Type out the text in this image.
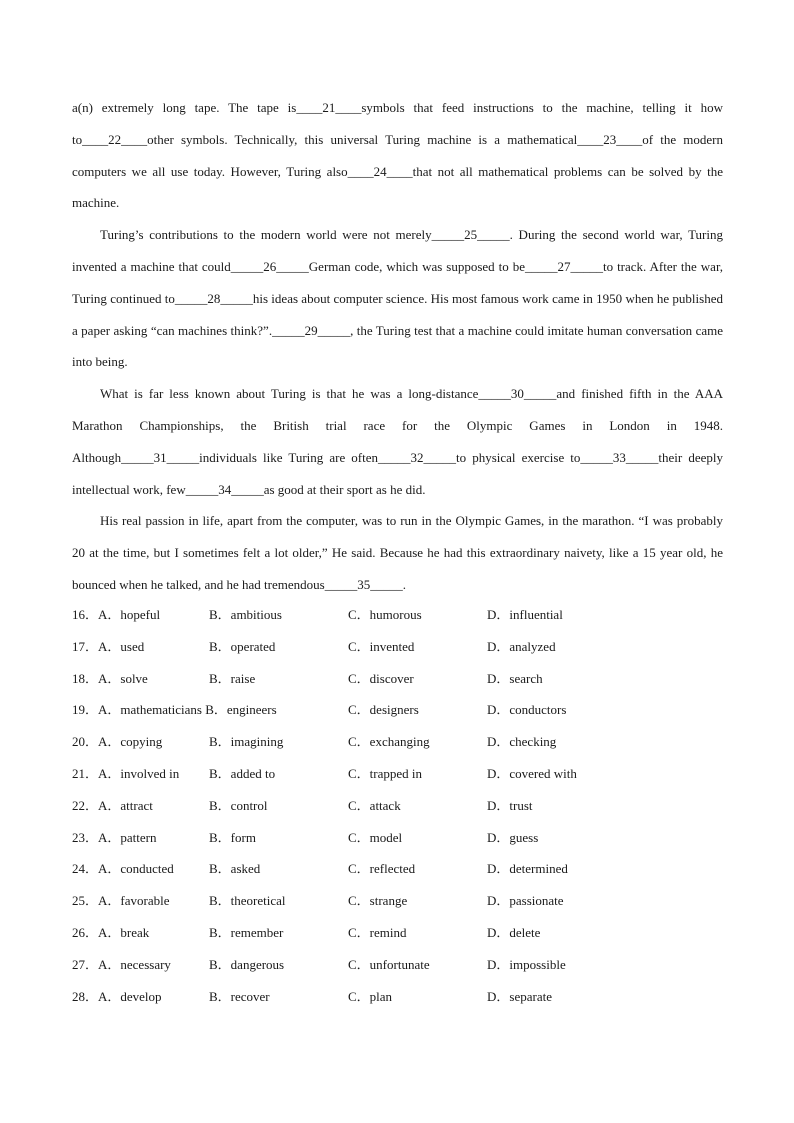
a(n) extremely long tape. The tape is____21____symbols that feed instructions to the machine, telling it how to____22____other symbols. Technically, this universal Turing machine is a mathematical____23____of the modern computers we all use today. However, Turing also____24____that not all mathematical problems can be solved by the machine.

Turing’s contributions to the modern world were not merely_____25_____. During the second world war, Turing invented a machine that could_____26_____German code, which was supposed to be_____27_____to track. After the war, Turing continued to_____28_____his ideas about computer science. His most famous work came in 1950 when he published a paper asking “can machines think?”._____29_____, the Turing test that a machine could imitate human conversation came into being.

What is far less known about Turing is that he was a long-distance_____30_____and finished fifth in the AAA Marathon Championships, the British trial race for the Olympic Games in London in 1948. Although_____31_____individuals like Turing are often_____32_____to physical exercise to_____33_____their deeply intellectual work, few_____34_____as good at their sport as he did.

His real passion in life, apart from the computer, was to run in the Olympic Games, in the marathon. “I was probably 20 at the time, but I sometimes felt a lot older,” He said. Because he had this extraordinary naivety, like a 15 year old, he bounced when he talked, and he had tremendous_____35_____.

16．A．hopeful	B．ambitious	C．humorous	D．influential
17．A．used	B．operated	C．invented	D．analyzed
18．A．solve	B．raise	C．discover	D．search
19．A．mathematicians B．engineers	C．designers	D．conductors
20．A．copying	B．imagining	C．exchanging	D．checking
21．A．involved in B．added to	C．trapped in	D．covered with
22．A．attract	B．control	C．attack	D．trust
23．A．pattern	B．form	C．model	D．guess
24．A．conducted	B．asked	C．reflected	D．determined
25．A．favorable	B．theoretical	C．strange	D．passionate
26．A．break	B．remember	C．remind	D．delete
27．A．necessary	B．dangerous	C．unfortunate	D．impossible
28．A．develop	B．recover	C．plan	D．separate
